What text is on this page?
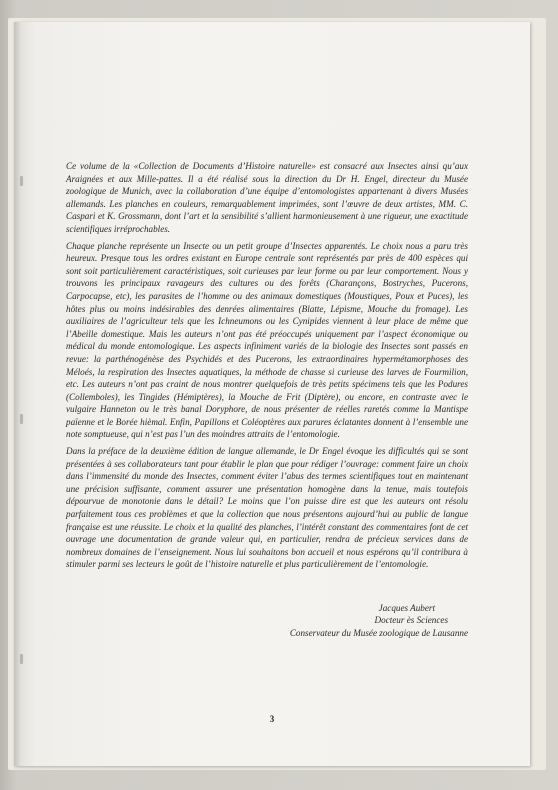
Ce volume de la «Collection de Documents d’Histoire naturelle» est consacré aux Insectes ainsi qu’aux Araignées et aux Mille-pattes. Il a été réalisé sous la direction du Dr H. Engel, directeur du Musée zoologique de Munich, avec la collaboration d’une équipe d’entomologistes appartenant à divers Musées allemands. Les planches en couleurs, remarquablement imprimées, sont l’œuvre de deux artistes, MM. C. Caspari et K. Grossmann, dont l’art et la sensibilité s’allient harmonieusement à une rigueur, une exactitude scientifiques irréprochables.

Chaque planche représente un Insecte ou un petit groupe d’Insectes apparentés. Le choix nous a paru très heureux. Presque tous les ordres existant en Europe centrale sont représentés par près de 400 espèces qui sont soit particulièrement caractéristiques, soit curieuses par leur forme ou par leur comportement. Nous y trouvons les principaux ravageurs des cultures ou des forêts (Charançons, Bostryches, Pucerons, Carpocapse, etc), les parasites de l’homme ou des animaux domestiques (Moustiques, Poux et Puces), les hôtes plus ou moins indésirables des denrées alimentaires (Blatte, Lépisme, Mouche du fromage). Les auxiliaires de l’agriculteur tels que les Ichneumons ou les Cynipides viennent à leur place de même que l’Abeille domestique. Mais les auteurs n’ont pas été préoccupés uniquement par l’aspect économique ou médical du monde entomologique. Les aspects infiniment variés de la biologie des Insectes sont passés en revue: la parthénogénèse des Psychidés et des Pucerons, les extraordinaires hypermétamorphoses des Méloés, la respiration des Insectes aquatiques, la méthode de chasse si curieuse des larves de Fourmilion, etc. Les auteurs n’ont pas craint de nous montrer quelquefois de très petits spécimens tels que les Podures (Collemboles), les Tingides (Hémiptères), la Mouche de Frit (Diptère), ou encore, en contraste avec le vulgaire Hanneton ou le très banal Doryphore, de nous présenter de réelles raretés comme la Mantispe païenne et le Borée hièmal. Enfin, Papillons et Coléoptères aux parures éclatantes donnent à l’ensemble une note somptueuse, qui n’est pas l’un des moindres attraits de l’entomologie.

Dans la préface de la deuxième édition de langue allemande, le Dr Engel évoque les difficultés qui se sont présentées à ses collaborateurs tant pour établir le plan que pour rédiger l’ouvrage: comment faire un choix dans l’immensité du monde des Insectes, comment éviter l’abus des termes scientifiques tout en maintenant une précision suffisante, comment assurer une présentation homogène dans la tenue, mais toutefois dépourvue de monotonie dans le détail? Le moins que l’on puisse dire est que les auteurs ont résolu parfaitement tous ces problèmes et que la collection que nous présentons aujourd’hui au public de langue française est une réussite. Le choix et la qualité des planches, l’intérêt constant des commentaires font de cet ouvrage une documentation de grande valeur qui, en particulier, rendra de précieux services dans de nombreux domaines de l’enseignement. Nous lui souhaitons bon accueil et nous espérons qu’il contribura à stimuler parmi ses lecteurs le goût de l’histoire naturelle et plus particulièrement de l’entomologie.

Jacques Aubert
Docteur ès Sciences
Conservateur du Musée zoologique de Lausanne
3
